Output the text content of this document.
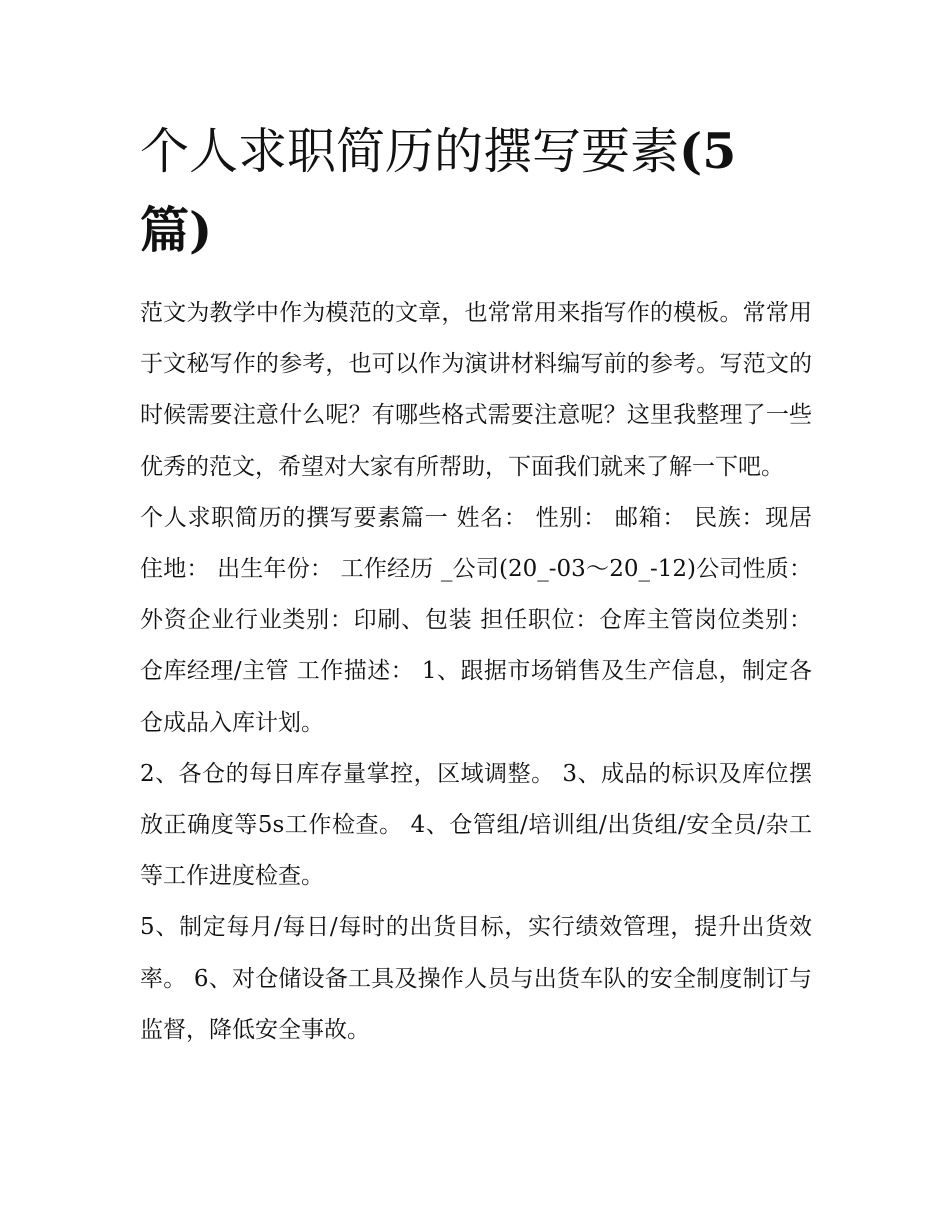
个人求职简历的撰写要素(5篇)

范文为教学中作为模范的文章，也常常用来指写作的模板。常常用于文秘写作的参考，也可以作为演讲材料编写前的参考。写范文的时候需要注意什么呢？有哪些格式需要注意呢？这里我整理了一些优秀的范文，希望对大家有所帮助，下面我们就来了解一下吧。

个人求职简历的撰写要素篇一 姓名： 性别： 邮箱： 民族：现居住地： 出生年份： 工作经历 _公司(20_-03～20_-12)公司性质：外资企业行业类别：印刷、包装 担任职位：仓库主管岗位类别：仓库经理/主管 工作描述： 1、跟据市场销售及生产信息，制定各仓成品入库计划。

2、各仓的每日库存量掌控，区域调整。 3、成品的标识及库位摆放正确度等5s工作检查。 4、仓管组/培训组/出货组/安全员/杂工等工作进度检查。

5、制定每月/每日/每时的出货目标，实行绩效管理，提升出货效率。 6、对仓储设备工具及操作人员与出货车队的安全制度制订与监督，降低安全事故。
